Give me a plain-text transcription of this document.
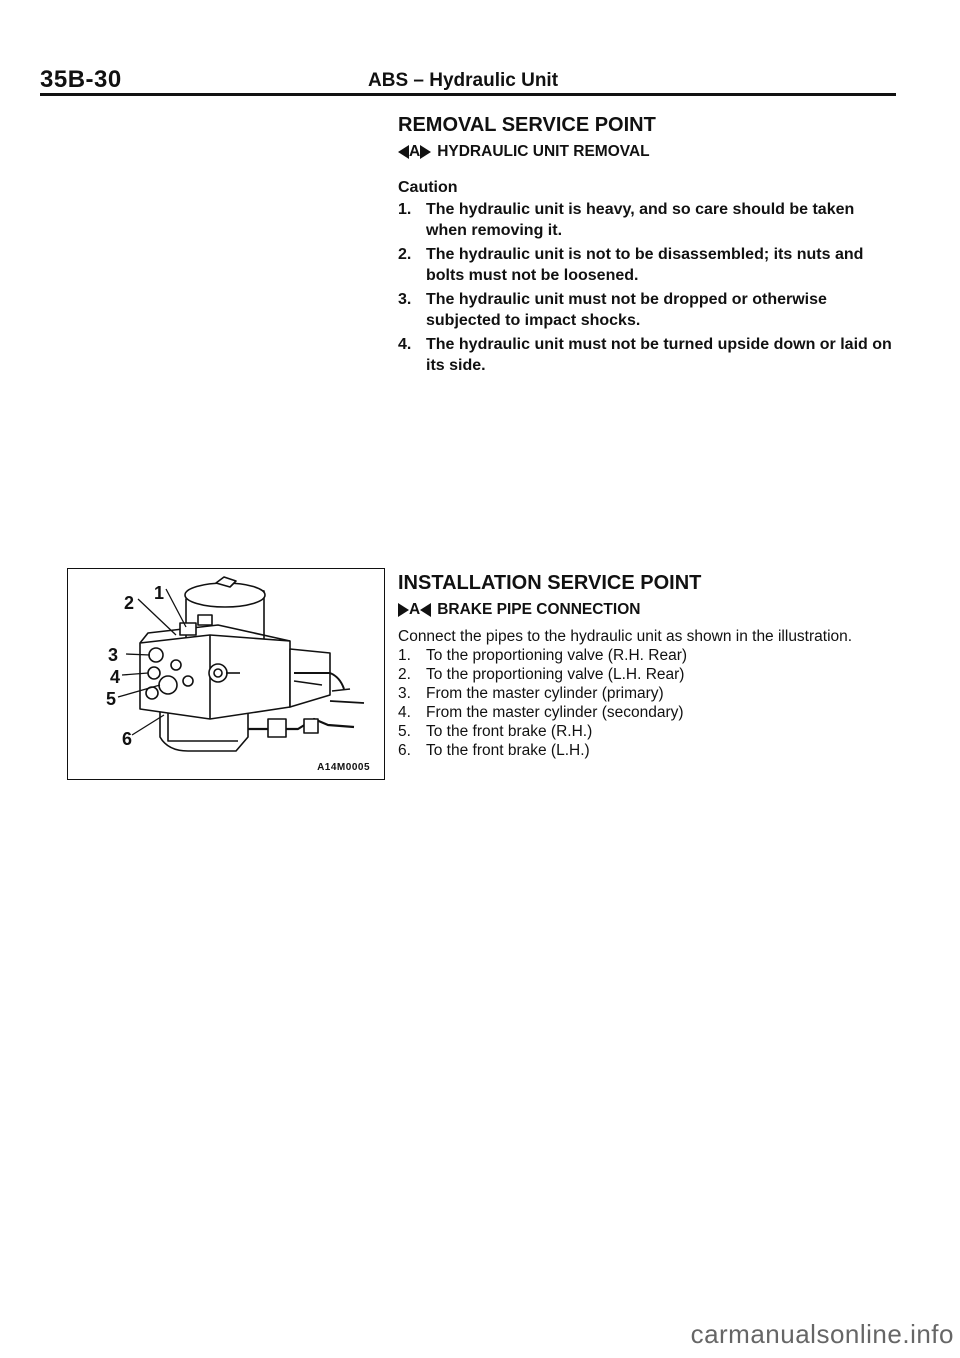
35B-30	ABS – Hydraulic Unit
REMOVAL SERVICE POINT
A HYDRAULIC UNIT REMOVAL
Caution
1. The hydraulic unit is heavy, and so care should be taken when removing it.
2. The hydraulic unit is not to be disassembled; its nuts and bolts must not be loosened.
3. The hydraulic unit must not be dropped or otherwise subjected to impact shocks.
4. The hydraulic unit must not be turned upside down or laid on its side.
INSTALLATION SERVICE POINT
A BRAKE PIPE CONNECTION
Connect the pipes to the hydraulic unit as shown in the illustration.
1. To the proportioning valve (R.H. Rear)
2. To the proportioning valve (L.H. Rear)
3. From the master cylinder (primary)
4. From the master cylinder (secondary)
5. To the front brake (R.H.)
6. To the front brake (L.H.)
1
2
3
4
5
6
A14M0005
carmanualsonline.info
